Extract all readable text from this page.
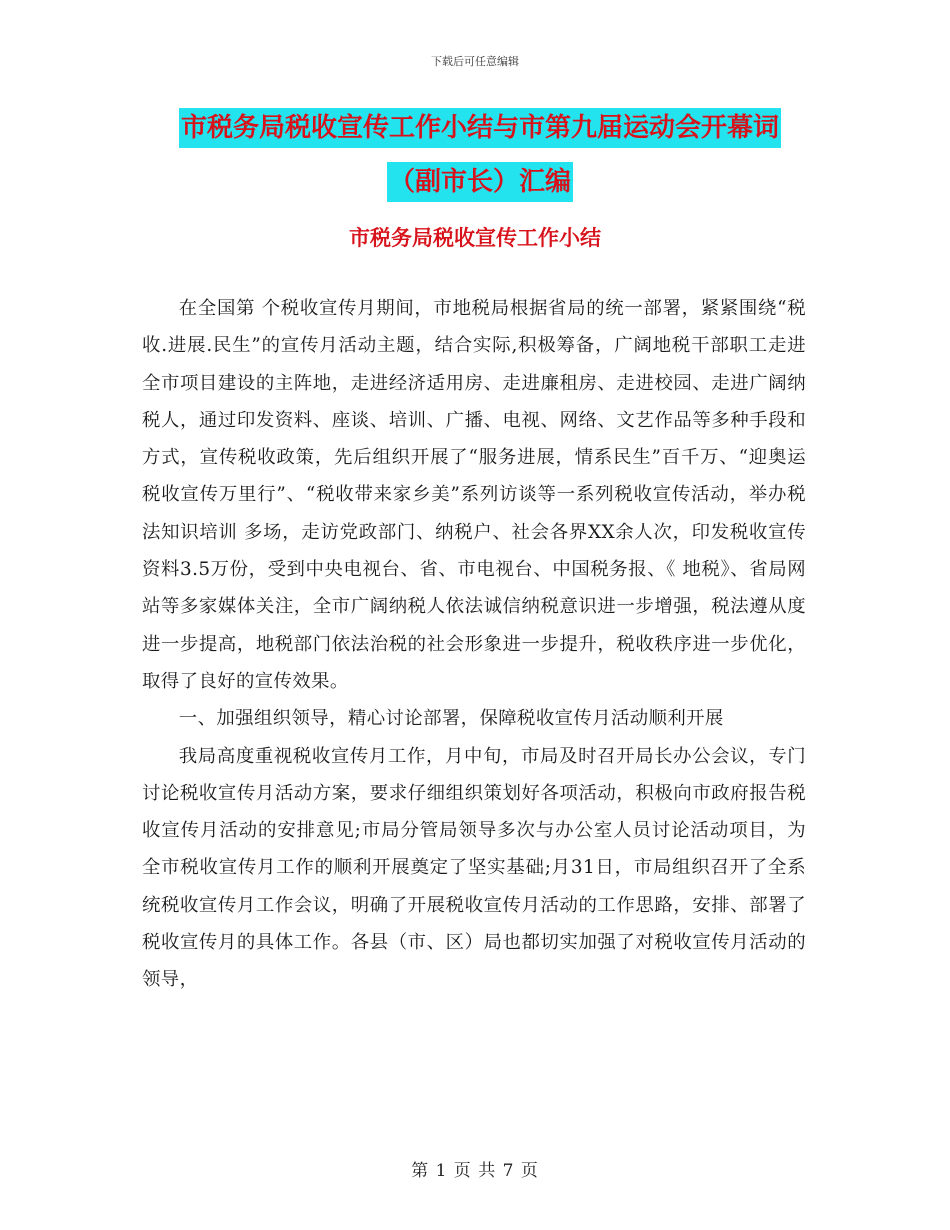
下载后可任意编辑
市税务局税收宣传工作小结与市第九届运动会开幕词
（副市长）汇编
市税务局税收宣传工作小结

在全国第 个税收宣传月期间，市地税局根据省局的统一部署，紧紧围绕“税收.进展.民生”的宣传月活动主题，结合实际,积极筹备，广阔地税干部职工走进全市项目建设的主阵地，走进经济适用房、走进廉租房、走进校园、走进广阔纳税人，通过印发资料、座谈、培训、广播、电视、网络、文艺作品等多种手段和方式，宣传税收政策，先后组织开展了“服务进展，情系民生”百千万、“迎奥运税收宣传万里行”、“税收带来家乡美”系列访谈等一系列税收宣传活动，举办税法知识培训 多场，走访党政部门、纳税户、社会各界XX余人次，印发税收宣传资料3.5万份，受到中央电视台、省、市电视台、中国税务报、《 地税》、省局网站等多家媒体关注，全市广阔纳税人依法诚信纳税意识进一步增强，税法遵从度进一步提高，地税部门依法治税的社会形象进一步提升，税收秩序进一步优化，取得了良好的宣传效果。

一、加强组织领导，精心讨论部署，保障税收宣传月活动顺利开展

我局高度重视税收宣传月工作，月中旬，市局及时召开局长办公会议，专门讨论税收宣传月活动方案，要求仔细组织策划好各项活动，积极向市政府报告税收宣传月活动的安排意见;市局分管局领导多次与办公室人员讨论活动项目，为全市税收宣传月工作的顺利开展奠定了坚实基础;月31日，市局组织召开了全系统税收宣传月工作会议，明确了开展税收宣传月活动的工作思路，安排、部署了税收宣传月的具体工作。各县（市、区）局也都切实加强了对税收宣传月活动的领导，

第 1 页 共 7 页
